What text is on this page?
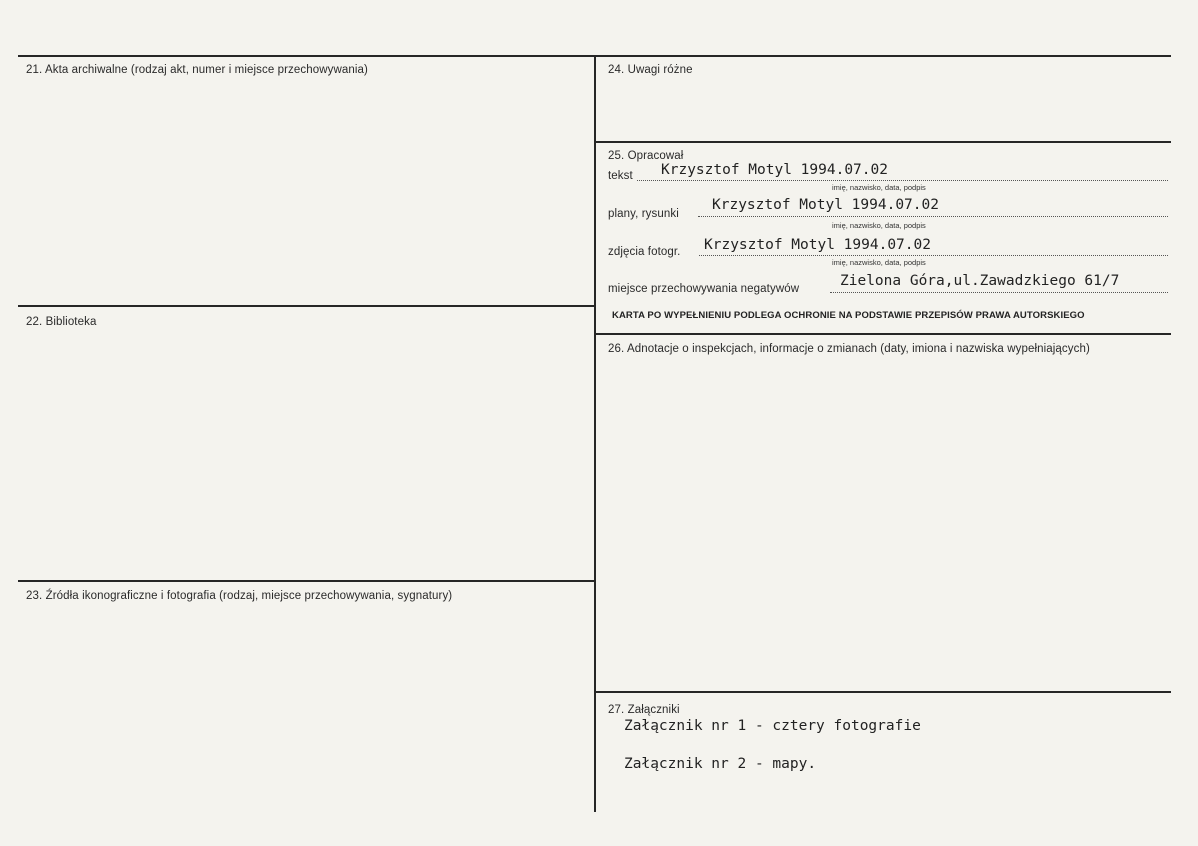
21. Akta archiwalne (rodzaj akt, numer i miejsce przechowywania)
22. Biblioteka
23. Źródła ikonograficzne i fotografia (rodzaj, miejsce przechowywania, sygnatury)
24. Uwagi różne
25. Opracował
tekst Krzysztof Motyl 1994.07.02
imię, nazwisko, data, podpis
plany, rysunki
Krzysztof Motyl 1994.07.02
imię, nazwisko, data, podpis
zdjęcia fotogr. Krzysztof Motyl 1994.07.02
imię, nazwisko, data, podpis
miejsce przechowywania negatywów	Zielona Góra,ul.Zawadzkiego 61/7
KARTA PO WYPEŁNIENIU PODLEGA OCHRONIE NA PODSTAWIE PRZEPISÓW PRAWA AUTORSKIEGO
26. Adnotacje o inspekcjach, informacje o zmianach (daty, imiona i nazwiska wypełniających)
27. Załączniki
Załącznik nr 1 - cztery fotografie
Załącznik nr 2 - mapy.
